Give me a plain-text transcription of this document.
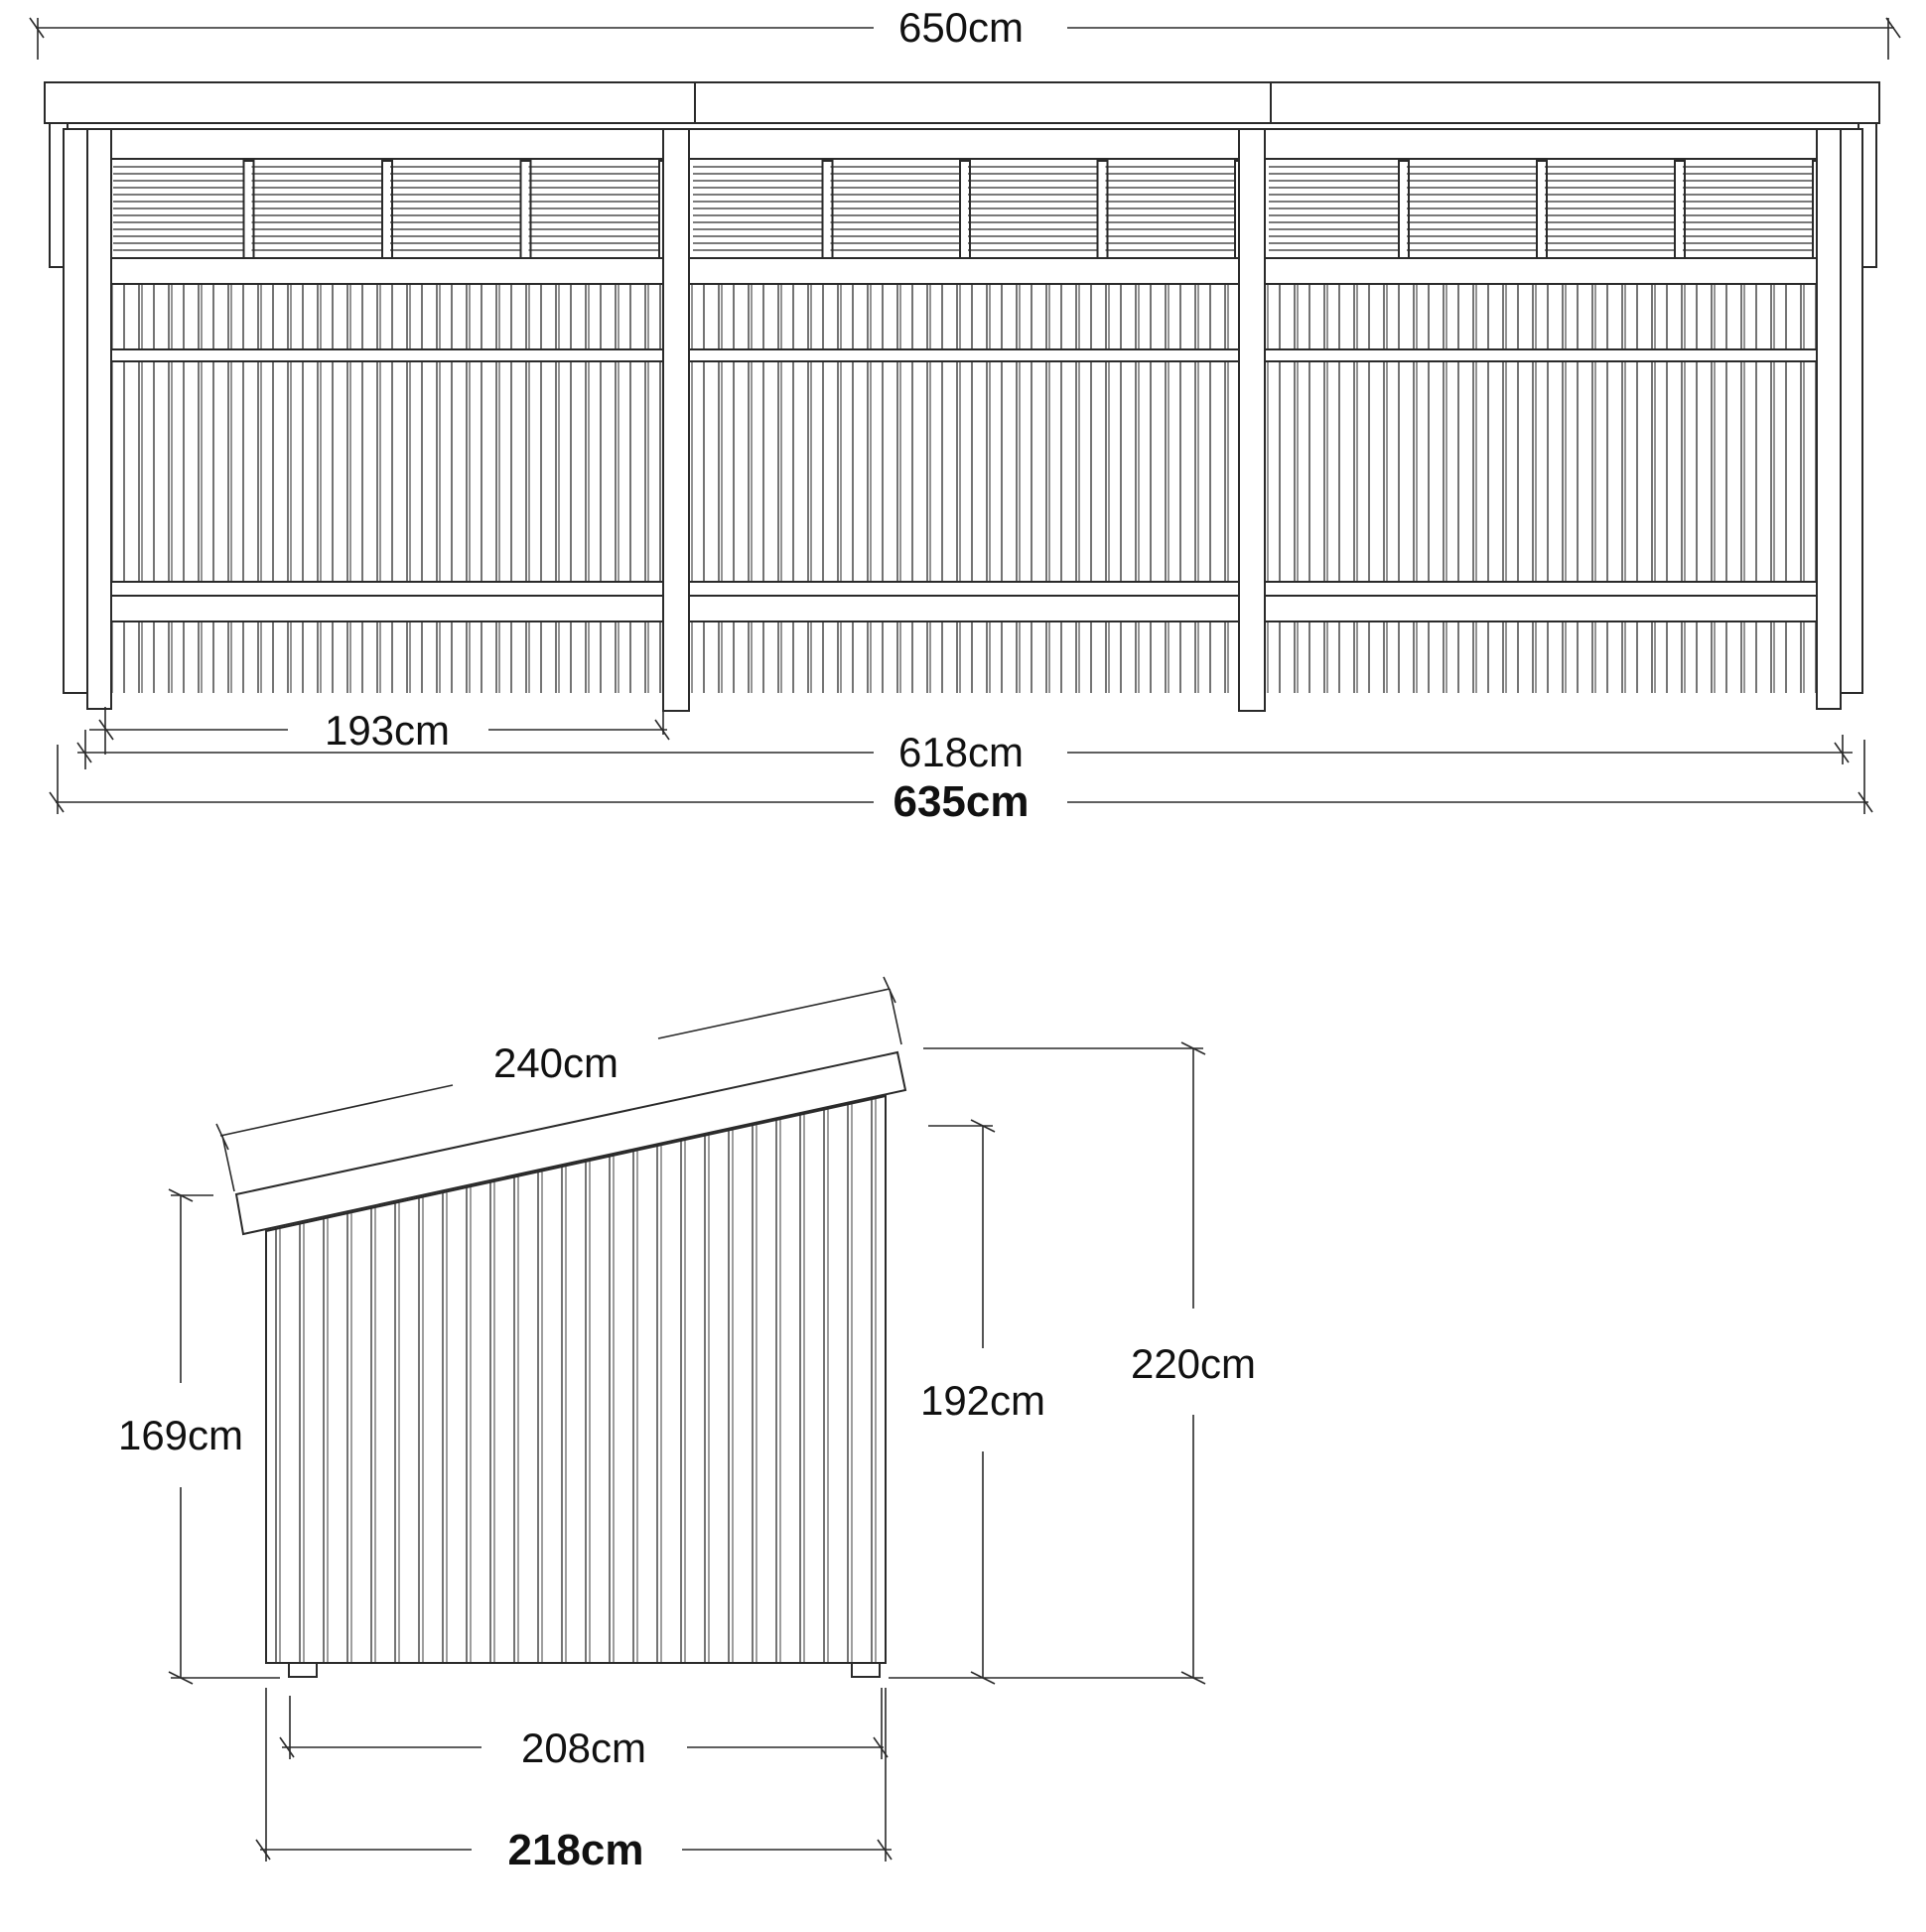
650cm
193cm	618cm
635cm
240cm
169cm
192cm
220cm
208cm
218cm
